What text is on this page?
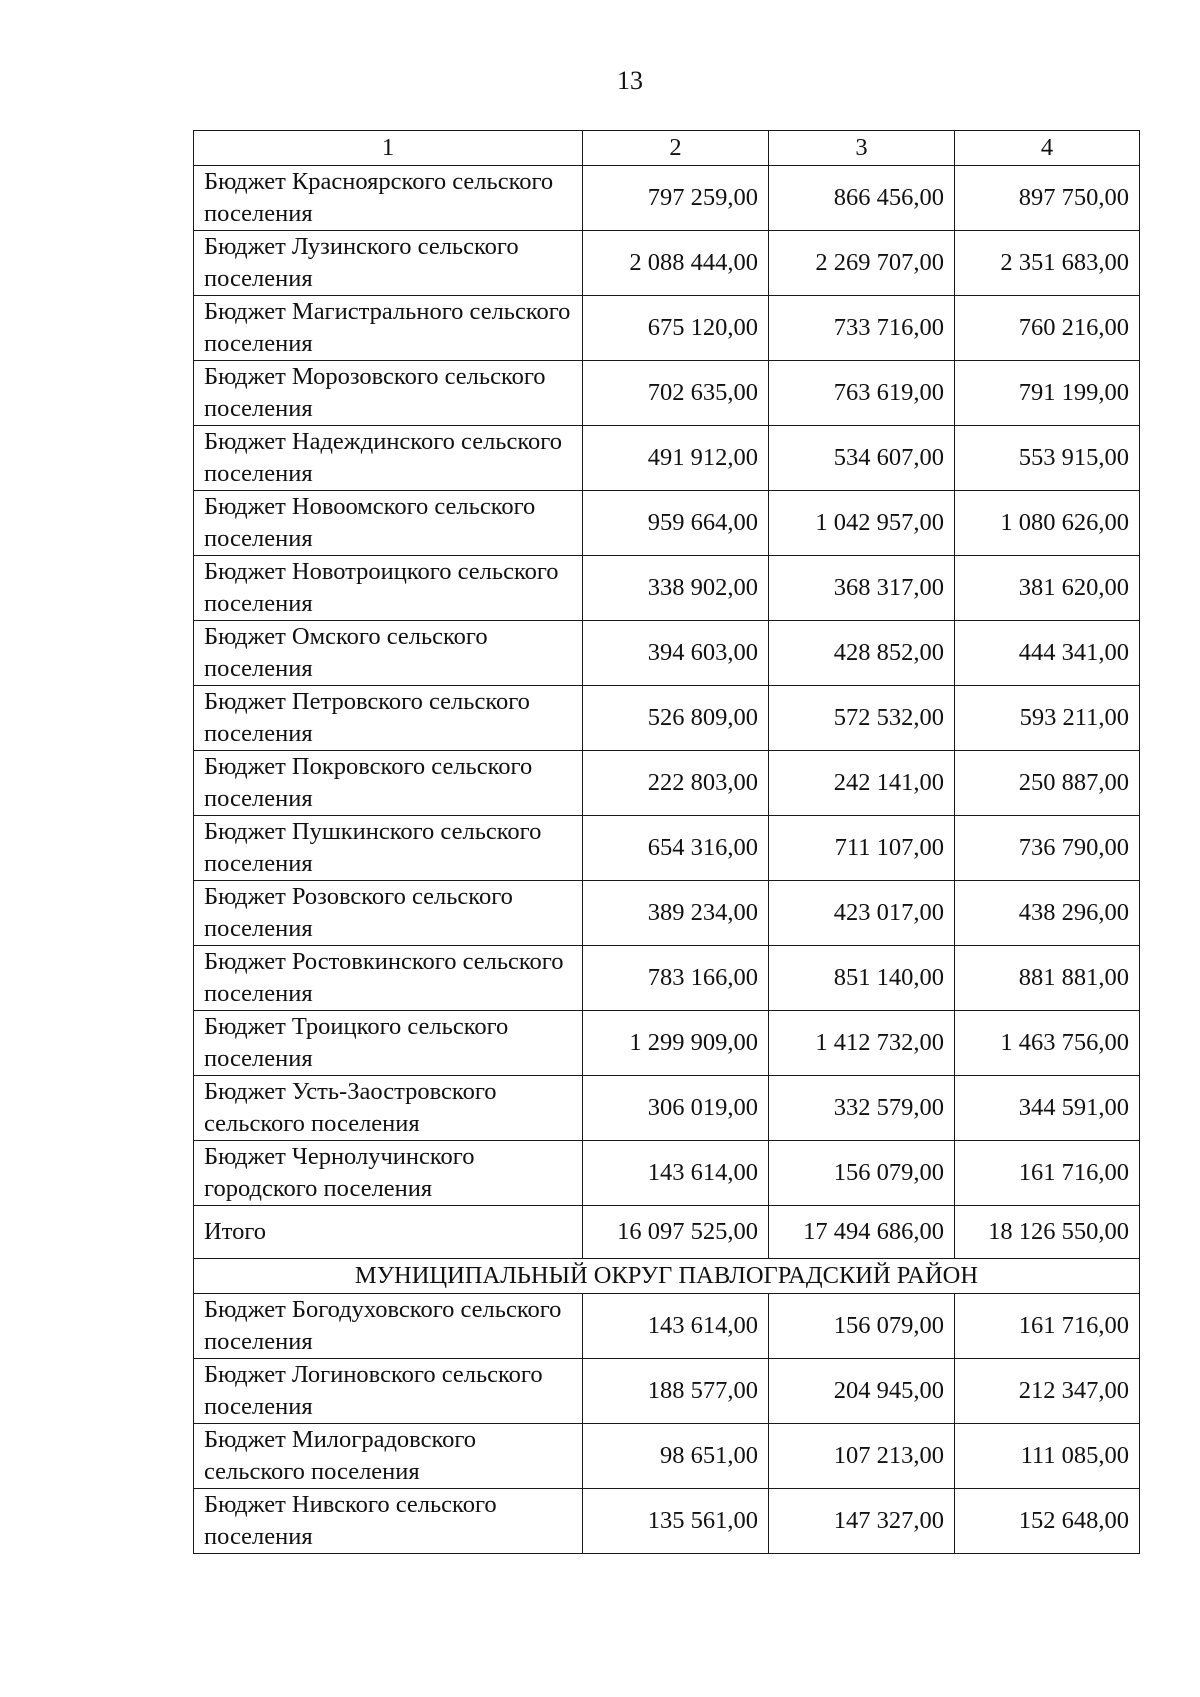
13
1	2	3	4
Бюджет Красноярского сельского поселения	797 259,00	866 456,00	897 750,00
Бюджет Лузинского сельского поселения	2 088 444,00	2 269 707,00	2 351 683,00
Бюджет Магистрального сельского поселения	675 120,00	733 716,00	760 216,00
Бюджет Морозовского сельского поселения	702 635,00	763 619,00	791 199,00
Бюджет Надеждинского сельского поселения	491 912,00	534 607,00	553 915,00
Бюджет Новоомского сельского поселения	959 664,00	1 042 957,00	1 080 626,00
Бюджет Новотроицкого сельского поселения	338 902,00	368 317,00	381 620,00
Бюджет Омского сельского поселения	394 603,00	428 852,00	444 341,00
Бюджет Петровского сельского поселения	526 809,00	572 532,00	593 211,00
Бюджет Покровского сельского поселения	222 803,00	242 141,00	250 887,00
Бюджет Пушкинского сельского поселения	654 316,00	711 107,00	736 790,00
Бюджет Розовского сельского поселения	389 234,00	423 017,00	438 296,00
Бюджет Ростовкинского сельского поселения	783 166,00	851 140,00	881 881,00
Бюджет Троицкого сельского поселения	1 299 909,00	1 412 732,00	1 463 756,00
Бюджет Усть-Заостровского сельского поселения	306 019,00	332 579,00	344 591,00
Бюджет Чернолучинского городского поселения	143 614,00	156 079,00	161 716,00
Итого	16 097 525,00	17 494 686,00	18 126 550,00
МУНИЦИПАЛЬНЫЙ ОКРУГ ПАВЛОГРАДСКИЙ РАЙОН			
Бюджет Богодуховского сельского поселения	143 614,00	156 079,00	161 716,00
Бюджет Логиновского сельского поселения	188 577,00	204 945,00	212 347,00
Бюджет Милоградовского сельского поселения	98 651,00	107 213,00	111 085,00
Бюджет Нивского сельского поселения	135 561,00	147 327,00	152 648,00
